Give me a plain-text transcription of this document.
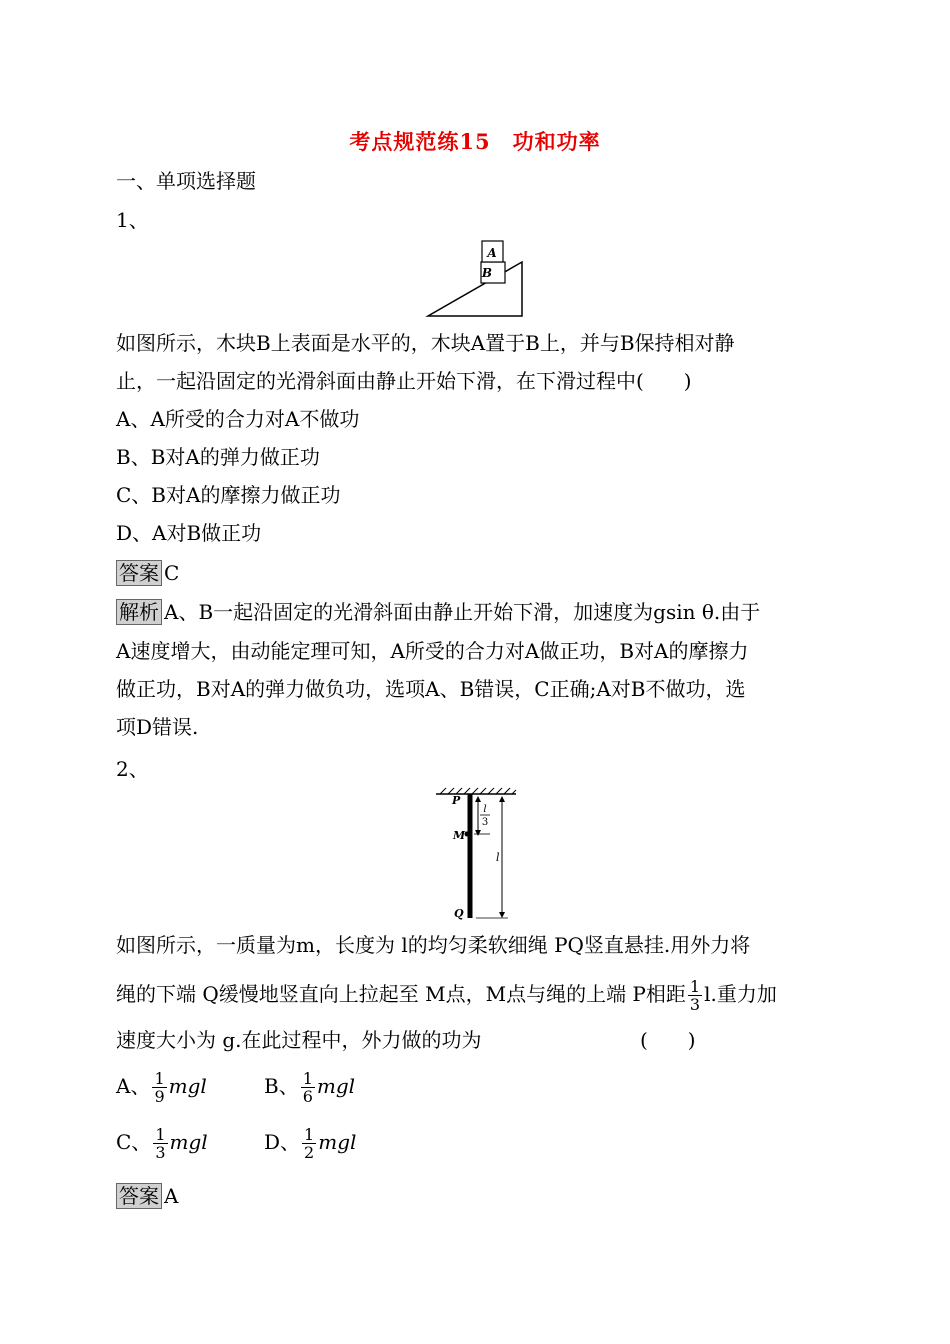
考点规范练15　功和功率
一、单项选择题
1、
A
B
如图所示，木块B上表面是水平的，木块A置于B上，并与B保持相对静
止，一起沿固定的光滑斜面由静止开始下滑，在下滑过程中(　　)
A、A所受的合力对A不做功
B、B对A的弹力做正功
C、B对A的摩擦力做正功
D、A对B做正功
答案 C
解析 A、B一起沿固定的光滑斜面由静止开始下滑，加速度为gsin θ.由于
A速度增大，由动能定理可知，A所受的合力对A做正功，B对A的摩擦力
做正功，B对A的弹力做负功，选项A、B错误，C正确;A对B不做功，选
项D错误.
2、
P
M
Q
l
3
l
如图所示，一质量为m，长度为 l的均匀柔软细绳 PQ竖直悬挂.用外力将
绳的下端 Q缓慢地竖直向上拉起至 M点，M点与绳的上端 P相距 $\frac{1}{3} l$.重力加
速度大小为 g.在此过程中，外力做的功为	(　　)
A、 $\frac{1}{9}$ mgl	B、 $\frac{1}{6}$ mgl
C、 $\frac{1}{3}$ mgl	D、 $\frac{1}{2}$ mgl
答案 A
